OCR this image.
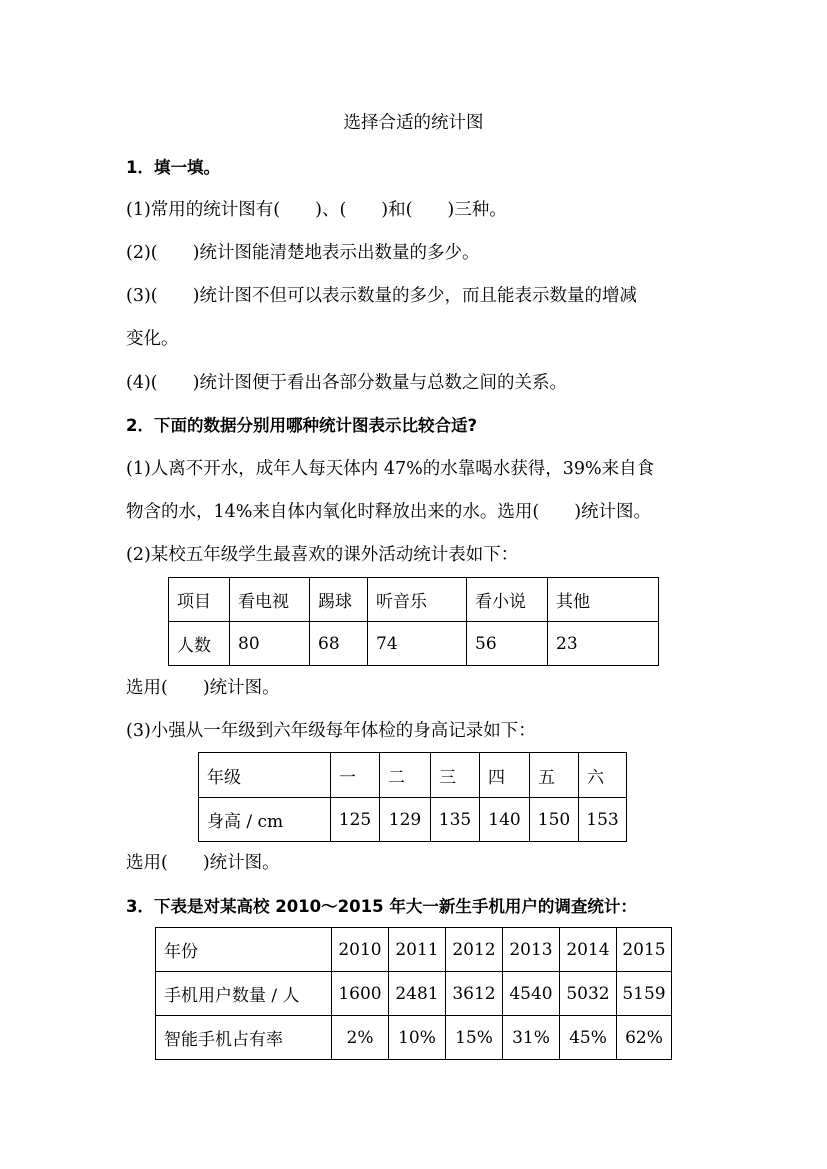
选择合适的统计图
1．填一填。
(1)常用的统计图有(　　)、(　　)和(　　)三种。
(2)(　　)统计图能清楚地表示出数量的多少。
(3)(　　)统计图不但可以表示数量的多少，而且能表示数量的增减
变化。
(4)(　　)统计图便于看出各部分数量与总数之间的关系。
2．下面的数据分别用哪种统计图表示比较合适?
(1)人离不开水，成年人每天体内 47%的水靠喝水获得，39%来自食
物含的水，14%来自体内氧化时释放出来的水。选用(　　)统计图。
(2)某校五年级学生最喜欢的课外活动统计表如下：
项目	看电视	踢球	听音乐	看小说	其他
人数	80	68	74	56	23
选用(　　)统计图。
(3)小强从一年级到六年级每年体检的身高记录如下：
年级	一	二	三	四	五	六
身高 / cm	125	129	135	140	150	153
选用(　　)统计图。
3．下表是对某高校 2010～2015 年大一新生手机用户的调查统计：
年份	2010	2011	2012	2013	2014	2015
手机用户数量 / 人	1600	2481	3612	4540	5032	5159
智能手机占有率	2%	10%	15%	31%	45%	62%
